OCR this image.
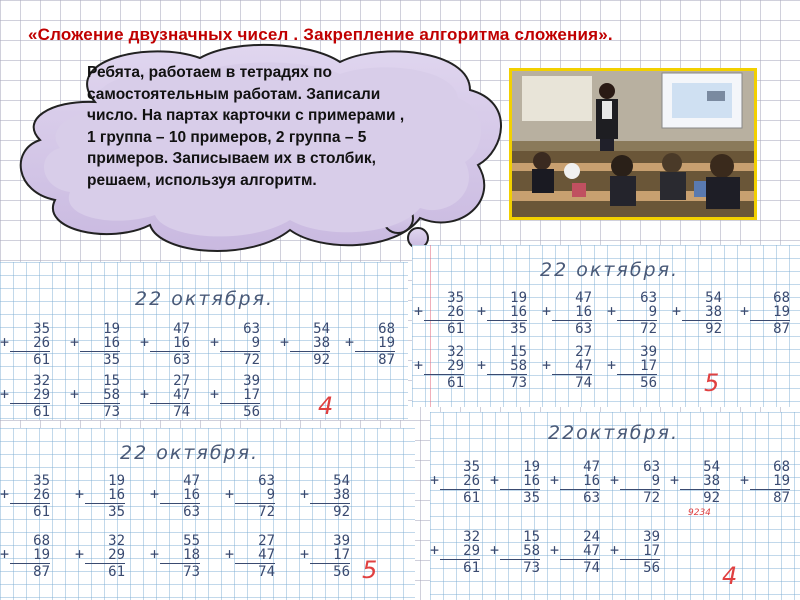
«Сложение двузначных чисел . Закрепление алгоритма сложения».
Ребята, работаем в тетрадях по
самостоятельным работам. Записали
число. На партах карточки с примерами ,
1 группа – 10 примеров, 2 группа – 5
примеров. Записываем их в столбик,
решаем, используя алгоритм.
22 октября.
4
+
35
26
61
+
19
16
35
+
47
16
63
+
63
9
72
+
54
38
92
+
68
19
87
+
32
29
61
+
15
58
73
+
27
47
74
+
39
17
56
22 октября.
5
+
35
26
61
+
19
16
35
+
47
16
63
+
63
9
72
+
54
38
92
+
68
19
87
+
32
29
61
+
15
58
73
+
27
47
74
+
39
17
56
22 октября.
5
+
35
26
61
+
19
16
35
+
47
16
63
+
63
9
72
+
54
38
92
+
68
19
87
+
32
29
61
+
55
18
73
+
27
47
74
+
39
17
56
22октября.
4
9234
+
35
26
61
+
19
16
35
+
47
16
63
+
63
9
72
+
54
38
92
+
68
19
87
+
32
29
61
+
15
58
73
+
24
47
74
+
39
17
56
